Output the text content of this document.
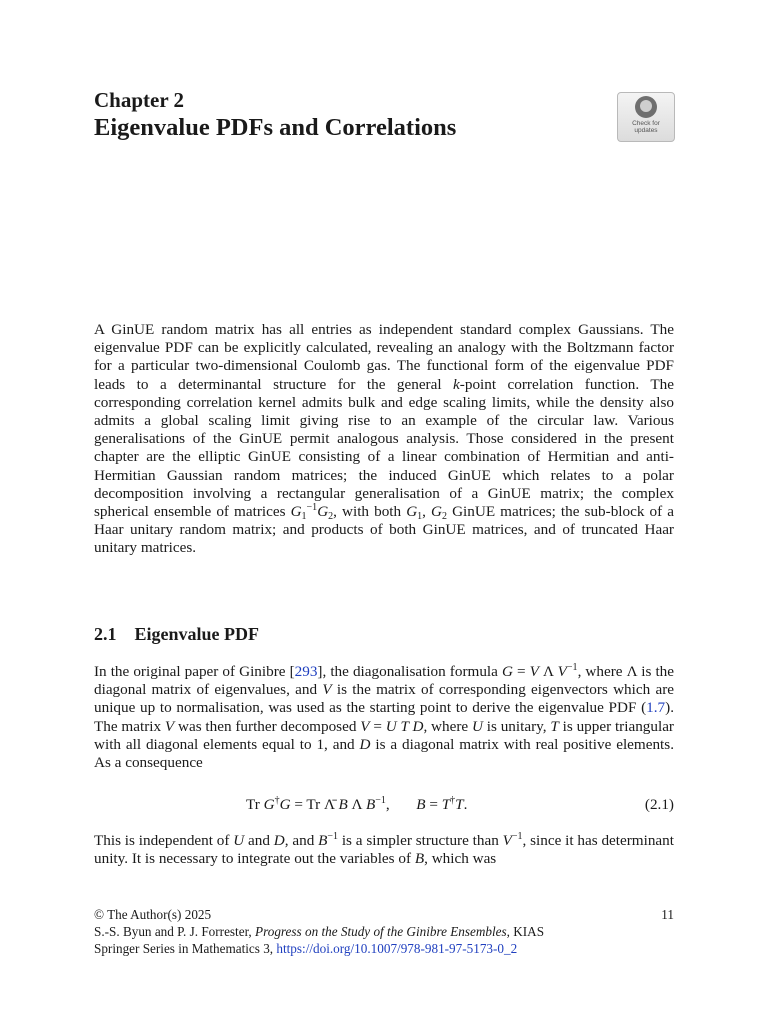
Chapter 2
Eigenvalue PDFs and Correlations	Check for
updates
A GinUE random matrix has all entries as independent standard complex Gaussians. The eigenvalue PDF can be explicitly calculated, revealing an analogy with the Boltzmann factor for a particular two-dimensional Coulomb gas. The functional form of the eigenvalue PDF leads to a determinantal structure for the general k-point correlation function. The corresponding correlation kernel admits bulk and edge scaling limits, while the density also admits a global scaling limit giving rise to an example of the circular law. Various generalisations of the GinUE permit analogous analysis. Those considered in the present chapter are the elliptic GinUE consisting of a linear combination of Hermitian and anti-Hermitian Gaussian random matrices; the induced GinUE which relates to a polar decomposition involving a rectangular generalisation of a GinUE matrix; the complex spherical ensemble of matrices $G_1^{-1}G_2$, with both $G_1$, $G_2$ GinUE matrices; the sub-block of a Haar unitary random matrix; and products of both GinUE matrices, and of truncated Haar unitary matrices.
2.1 Eigenvalue PDF
In the original paper of Ginibre [293], the diagonalisation formula G = V Λ $V^{-1}$, where Λ is the diagonal matrix of eigenvalues, and V is the matrix of corresponding eigenvectors which are unique up to normalisation, was used as the starting point to derive the eigenvalue PDF (1.7). The matrix V was then further decomposed V = U T D, where U is unitary, T is upper triangular with all diagonal elements equal to 1, and D is a diagonal matrix with real positive elements. As a consequence
Tr G†G = Tr Λ̄ B Λ $B^{-1}$,       B = T†T.	(2.1)
This is independent of U and D, and $B^{-1}$ is a simpler structure than $V^{-1}$, since it has determinant unity. It is necessary to integrate out the variables of B, which was
© The Author(s) 2025	11
S.-S. Byun and P. J. Forrester, Progress on the Study of the Ginibre Ensembles, KIAS
Springer Series in Mathematics 3, https://doi.org/10.1007/978-981-97-5173-0_2
